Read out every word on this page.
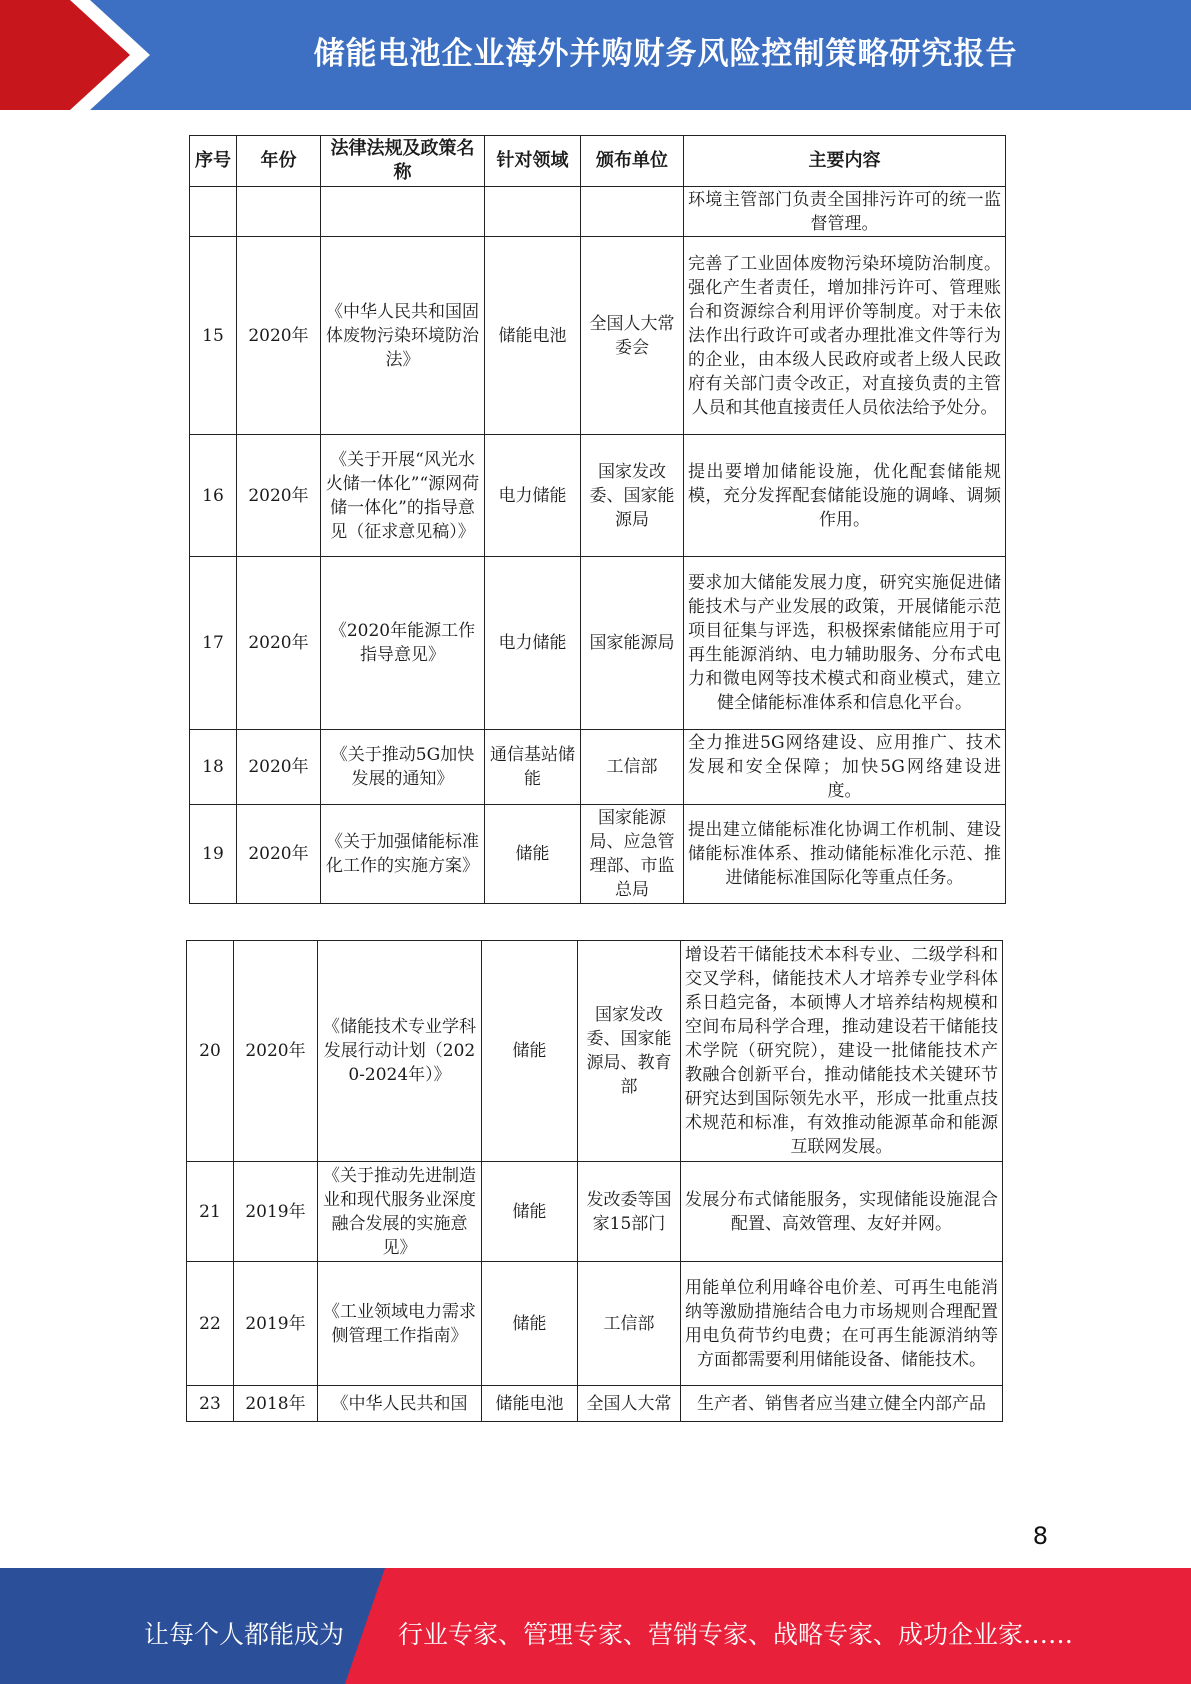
储能电池企业海外并购财务风险控制策略研究报告
序号	年份	法律法规及政策名称	针对领域	颁布单位	主要内容
					环境主管部门负责全国排污许可的统一监督管理。
15	2020年	《中华人民共和国固体废物污染环境防治法》	储能电池	全国人大常委会	完善了工业固体废物污染环境防治制度。强化产生者责任，增加排污许可、管理账台和资源综合利用评价等制度。对于未依法作出行政许可或者办理批准文件等行为的企业，由本级人民政府或者上级人民政府有关部门责令改正，对直接负责的主管人员和其他直接责任人员依法给予处分。
16	2020年	《关于开展“风光水火储一体化”“源网荷储一体化”的指导意见（征求意见稿）》	电力储能	国家发改委、国家能源局	提出要增加储能设施，优化配套储能规模，充分发挥配套储能设施的调峰、调频作用。
17	2020年	《2020年能源工作指导意见》	电力储能	国家能源局	要求加大储能发展力度，研究实施促进储能技术与产业发展的政策，开展储能示范项目征集与评选，积极探索储能应用于可再生能源消纳、电力辅助服务、分布式电力和微电网等技术模式和商业模式，建立健全储能标准体系和信息化平台。
18	2020年	《关于推动5G加快发展的通知》	通信基站储能	工信部	全力推进5G网络建设、应用推广、技术发展和安全保障；加快5G网络建设进度。
19	2020年	《关于加强储能标准化工作的实施方案》	储能	国家能源局、应急管理部、市监总局	提出建立储能标准化协调工作机制、建设储能标准体系、推动储能标准化示范、推进储能标准国际化等重点任务。
20	2020年	《储能技术专业学科发展行动计划（2020-2024年）》	储能	国家发改委、国家能源局、教育部	增设若干储能技术本科专业、二级学科和交叉学科，储能技术人才培养专业学科体系日趋完备，本硕博人才培养结构规模和空间布局科学合理，推动建设若干储能技术学院（研究院），建设一批储能技术产教融合创新平台，推动储能技术关键环节研究达到国际领先水平，形成一批重点技术规范和标准，有效推动能源革命和能源互联网发展。
21	2019年	《关于推动先进制造业和现代服务业深度融合发展的实施意见》	储能	发改委等国家15部门	发展分布式储能服务，实现储能设施混合配置、高效管理、友好并网。
22	2019年	《工业领域电力需求侧管理工作指南》	储能	工信部	用能单位利用峰谷电价差、可再生电能消纳等激励措施结合电力市场规则合理配置用电负荷节约电费；在可再生能源消纳等方面都需要利用储能设备、储能技术。
23	2018年	《中华人民共和国	储能电池	全国人大常	生产者、销售者应当建立健全内部产品
8
让每个人都能成为 行业专家、管理专家、营销专家、战略专家、成功企业家……
